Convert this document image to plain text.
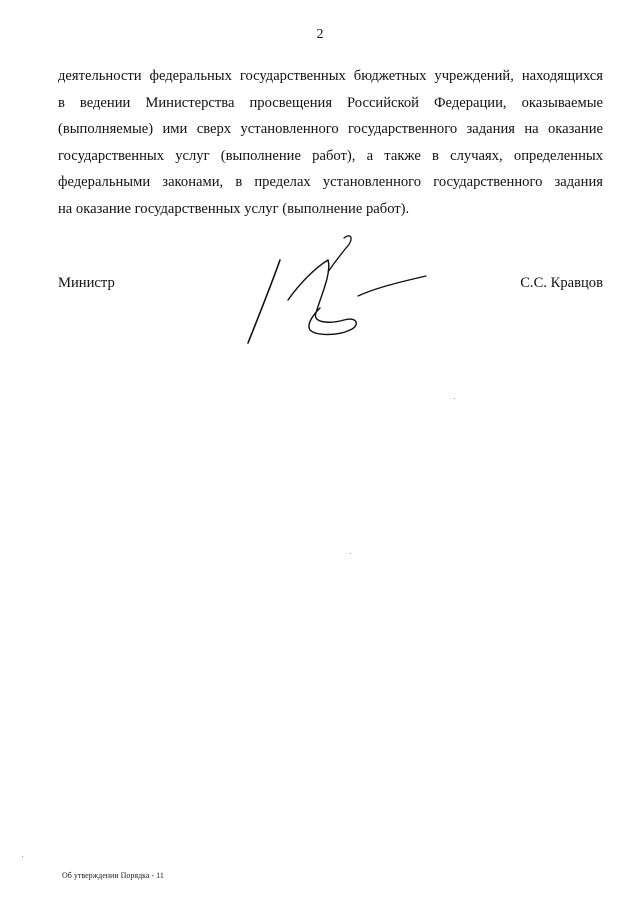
2
деятельности федеральных государственных бюджетных учреждений, находящихся
в ведении Министерства просвещения Российской Федерации, оказываемые
(выполняемые) ими сверх установленного государственного задания на оказание
государственных услуг (выполнение работ), а также в случаях, определенных
федеральными законами, в пределах установленного государственного задания
на оказание государственных услуг (выполнение работ).
Министр	С.С. Кравцов
Об утверждении Порядка - 11
